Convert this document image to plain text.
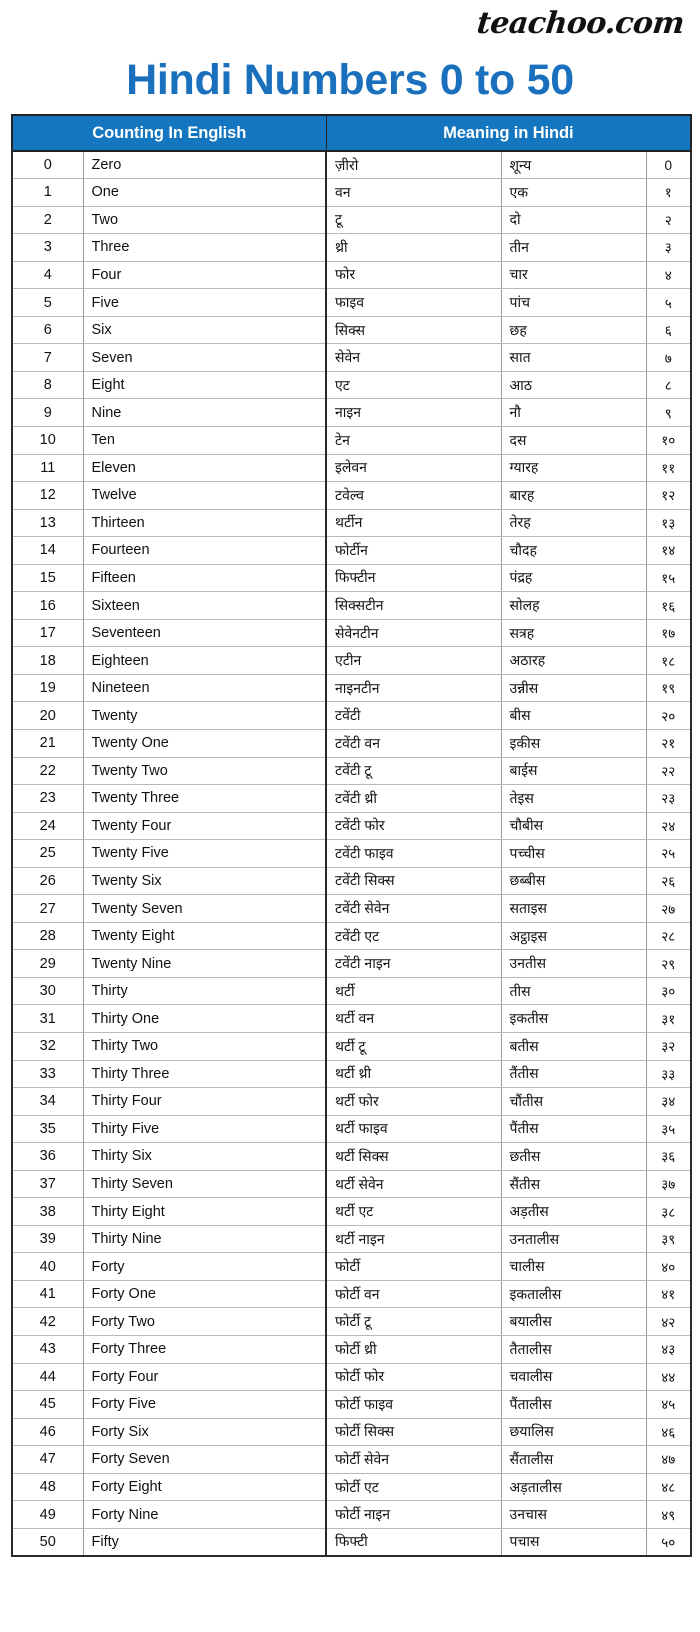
teachoo.com
Hindi Numbers 0 to 50
Counting In English		Meaning in Hindi		
0	Zero	ज़ीरो	शून्य	0
1	One	वन	एक	१
2	Two	टू	दो	२
3	Three	थ्री	तीन	३
4	Four	फोर	चार	४
5	Five	फाइव	पांच	५
6	Six	सिक्स	छह	६
7	Seven	सेवेन	सात	७
8	Eight	एट	आठ	८
9	Nine	नाइन	नौ	९
10	Ten	टेन	दस	१०
11	Eleven	इलेवन	ग्यारह	११
12	Twelve	टवेल्व	बारह	१२
13	Thirteen	थर्टीन	तेरह	१३
14	Fourteen	फोर्टीन	चौदह	१४
15	Fifteen	फिफ्टीन	पंद्रह	१५
16	Sixteen	सिक्सटीन	सोलह	१६
17	Seventeen	सेवेनटीन	सत्रह	१७
18	Eighteen	एटीन	अठारह	१८
19	Nineteen	नाइनटीन	उन्नीस	१९
20	Twenty	टवेंटी	बीस	२०
21	Twenty One	टवेंटी वन	इकीस	२१
22	Twenty Two	टवेंटी टू	बाईस	२२
23	Twenty Three	टवेंटी थ्री	तेइस	२३
24	Twenty Four	टवेंटी फोर	चौबीस	२४
25	Twenty Five	टवेंटी फाइव	पच्चीस	२५
26	Twenty Six	टवेंटी सिक्स	छब्बीस	२६
27	Twenty Seven	टवेंटी सेवेन	सताइस	२७
28	Twenty Eight	टवेंटी एट	अट्ठाइस	२८
29	Twenty Nine	टवेंटी नाइन	उनतीस	२९
30	Thirty	थर्टी	तीस	३०
31	Thirty One	थर्टी वन	इकतीस	३१
32	Thirty Two	थर्टी टू	बतीस	३२
33	Thirty Three	थर्टी थ्री	तैंतीस	३३
34	Thirty Four	थर्टी फोर	चौंतीस	३४
35	Thirty Five	थर्टी फाइव	पैंतीस	३५
36	Thirty Six	थर्टी सिक्स	छतीस	३६
37	Thirty Seven	थर्टी सेवेन	सैंतीस	३७
38	Thirty Eight	थर्टी एट	अड़तीस	३८
39	Thirty Nine	थर्टी नाइन	उनतालीस	३९
40	Forty	फोर्टी	चालीस	४०
41	Forty One	फोर्टी वन	इकतालीस	४१
42	Forty Two	फोर्टी टू	बयालीस	४२
43	Forty Three	फोर्टी थ्री	तैतालीस	४३
44	Forty Four	फोर्टी फोर	चवालीस	४४
45	Forty Five	फोर्टी फाइव	पैंतालीस	४५
46	Forty Six	फोर्टी सिक्स	छयालिस	४६
47	Forty Seven	फोर्टी सेवेन	सैंतालीस	४७
48	Forty Eight	फोर्टी एट	अड़तालीस	४८
49	Forty Nine	फोर्टी नाइन	उनचास	४९
50	Fifty	फिफ्टी	पचास	५०
